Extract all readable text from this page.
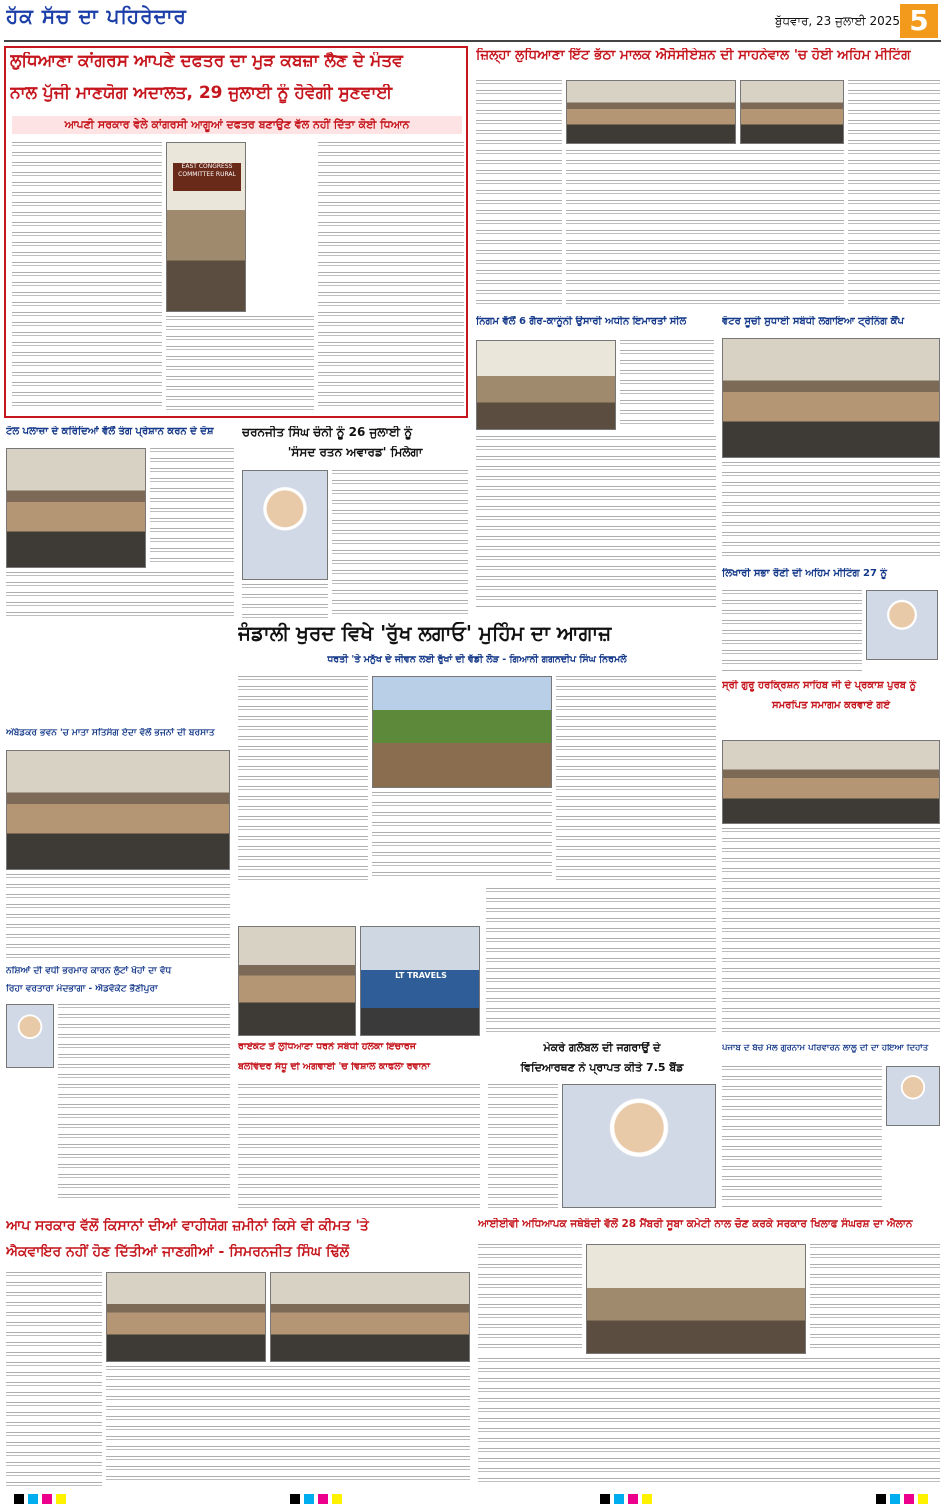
ਹੱਕ ਸੱਚ ਦਾ ਪਹਿਰੇਦਾਰ	ਬੁੱਧਵਾਰ, 23 ਜੁਲਾਈ 2025 5
ਲੁਧਿਆਣਾ ਕਾਂਗਰਸ ਆਪਣੇ ਦਫਤਰ ਦਾ ਮੁੜ ਕਬਜ਼ਾ ਲੈਣ ਦੇ ਮੰਤਵ
ਨਾਲ ਪੁੱਜੀ ਮਾਣਯੋਗ ਅਦਾਲਤ, 29 ਜੁਲਾਈ ਨੂੰ ਹੋਵੇਗੀ ਸੁਣਵਾਈ
ਆਪਣੀ ਸਰਕਾਰ ਵੇਲੇ ਕਾਂਗਰਸੀ ਆਗੂਆਂ ਦਫਤਰ ਬਣਾਉਣ ਵੱਲ ਨਹੀਂ ਦਿੱਤਾ ਕੋਈ ਧਿਆਨ
EAST CONGRESS COMMITTEE RURAL
ਜ਼ਿਲ੍ਹਾ ਲੁਧਿਆਣਾ ਇੱਟ ਭੱਠਾ ਮਾਲਕ ਐਸੋਸੀਏਸ਼ਨ ਦੀ ਸਾਹਨੇਵਾਲ 'ਚ ਹੋਈ ਅਹਿਮ ਮੀਟਿੰਗ
ਨਿਗਮ ਵੱਲੋਂ 6 ਗੈਰ-ਕਾਨੂੰਨੀ ਉਸਾਰੀ ਅਧੀਨ ਇਮਾਰਤਾਂ ਸੀਲ	ਵੋਟਰ ਸੂਚੀ ਸੁਧਾਈ ਸਬੰਧੀ ਲਗਾਇਆ ਟ੍ਰੇਨਿੰਗ ਕੈਂਪ
ਟੋਲ ਪਲਾਜ਼ਾ ਦੇ ਕਰਿੰਦਿਆਂ ਵੱਲੋਂ ਤੰਗ ਪ੍ਰੇਸ਼ਾਨ ਕਰਨ ਦੇ ਦੋਸ਼	ਚਰਨਜੀਤ ਸਿੰਘ ਚੰਨੀ ਨੂੰ 26 ਜੁਲਾਈ ਨੂੰ
'ਸੰਸਦ ਰਤਨ ਅਵਾਰਡ' ਮਿਲੇਗਾ
ਜੰਡਾਲੀ ਖੁਰਦ ਵਿਖੇ 'ਰੁੱਖ ਲਗਾਓ' ਮੁਹਿੰਮ ਦਾ ਆਗਾਜ਼
ਧਰਤੀ 'ਤੇ ਮਨੁੱਖ ਦੇ ਜੀਵਨ ਲਈ ਰੁੱਖਾਂ ਦੀ ਵੱਡੀ ਲੋੜ - ਗਿਆਨੀ ਗਗਨਦੀਪ ਸਿੰਘ ਨਿਰਮਲੇ
ਲਿਖਾਰੀ ਸਭਾ ਰੌਣੀ ਦੀ ਅਹਿਮ ਮੀਟਿੰਗ 27 ਨੂੰ
ਸ੍ਰੀ ਗੁਰੂ ਹਰਕ੍ਰਿਸ਼ਨ ਸਾਹਿਬ ਜੀ ਦੇ ਪ੍ਰਕਾਸ਼ ਪੁਰਬ ਨੂੰ
ਸਮਰਪਿਤ ਸਮਾਗਮ ਕਰਵਾਏ ਗਏ
ਅੰਬੇਡਕਰ ਭਵਨ 'ਚ ਮਾਤਾ ਸਤਿਸੰਗ ਏਦਾ ਵੱਲੋਂ ਭਜਨਾਂ ਦੀ ਬਰਸਾਤ
ਨਸ਼ਿਆਂ ਦੀ ਵਧੀ ਭਰਮਾਰ ਕਾਰਨ ਲੁੱਟਾਂ ਖੋਹਾਂ ਦਾ ਵੱਧ
ਰਿਹਾ ਵਰਤਾਰਾ ਮੰਦਭਾਗਾ - ਐਡਵੋਕੇਟ ਭੈਣੀਪੁਰਾ
LT TRAVELS
ਰਾਏਕੋਟ ਤੋਂ ਲੁਧਿਆਣਾ ਧਰਨੇ ਸਬੰਧੀ ਹਲਕਾ ਇੰਚਾਰਜ
ਬਲਵਿੰਦਰ ਸੰਧੂ ਦੀ ਅਗਵਾਈ 'ਚ ਵਿਸ਼ਾਲ ਕਾਫਲਾ ਰਵਾਨਾ
ਮੇਕਰੇ ਗਲੋਬਲ ਦੀ ਜਗਰਾਉਂ ਦੇ
ਵਿਦਿਆਰਥਣ ਨੇ ਪ੍ਰਾਪਤ ਕੀਤੇ 7.5 ਬੈਂਡ
ਪੰਜਾਬ ਦੇ ਬੱਚੇ ਮੱਲ ਗੁਰਨਾਮ ਪਰਿਵਾਰਨ ਲਾਲੂ ਦੀ ਦਾ ਹੋਇਆ ਦਿਹਾਂਤ
ਆਪ ਸਰਕਾਰ ਵੱਲੋਂ ਕਿਸਾਨਾਂ ਦੀਆਂ ਵਾਹੀਯੋਗ ਜ਼ਮੀਨਾਂ ਕਿਸੇ ਵੀ ਕੀਮਤ 'ਤੇ
ਐਕਵਾਇਰ ਨਹੀਂ ਹੋਣ ਦਿੱਤੀਆਂ ਜਾਣਗੀਆਂ - ਸਿਮਰਨਜੀਤ ਸਿੰਘ ਢਿੱਲੋਂ
ਆਈਈਵੀ ਅਧਿਆਪਕ ਜਥੇਬੰਦੀ ਵੱਲੋਂ 28 ਮੈਂਬਰੀ ਸੂਬਾ ਕਮੇਟੀ ਨਾਲ ਚੋਣ ਕਰਕੇ ਸਰਕਾਰ ਖਿਲਾਫ ਸੰਘਰਸ਼ ਦਾ ਐਲਾਨ
